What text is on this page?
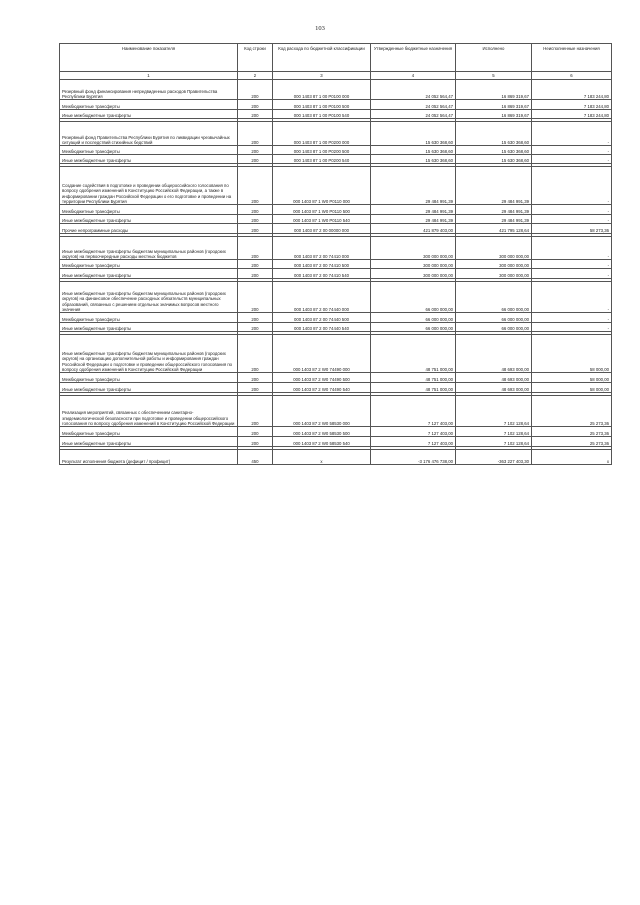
103
Наименование показателя	Код строки	Код расхода по бюджетной классификации	Утвержденные бюджетные назначения	Исполнено	Неисполненные назначения
1	2	3	4	5	6
Резервный фонд финансирования непредвиденных расходов Правительства Республики Бурятия	200	000 1403 87 1 00 Р0100 000	24 052 564,47	16 869 319,67	7 183 244,80
Межбюджетные трансферты	200	000 1403 87 1 00 Р0100 500	24 052 564,47	16 869 319,67	7 183 244,80
Иные межбюджетные трансферты	200	000 1403 87 1 00 Р0100 540	24 052 564,47	16 869 319,67	7 183 244,80

Резервный фонд Правительства Республики Бурятия по ликвидации чрезвычайных ситуаций и последствий стихийных бедствий	200	000 1403 87 1 00 Р0200 000	15 630 368,60	15 630 368,60	-
Межбюджетные трансферты	200	000 1403 87 1 00 Р0200 500	15 630 368,60	15 630 368,60	-
Иные межбюджетные трансферты	200	000 1403 87 1 00 Р0200 540	15 630 368,60	15 630 368,60	-

Создание содействия в подготовке и проведении общероссийского голосования по вопросу одобрения изменений в Конституцию Российской Федерации, а также в информировании граждан Российской Федерации о его подготовке и проведении на территории Республики Бурятия	200	000 1403 87 1 W0 Р0110 000	29 484 991,39	29 484 991,39	-
Межбюджетные трансферты	200	000 1403 87 1 W0 Р0110 500	29 484 991,39	29 484 991,39	-
Иные межбюджетные трансферты	200	000 1403 87 1 W0 Р0110 540	29 484 991,39	29 484 991,39	-
Прочие непрограммные расходы	200	000 1403 87 2 00 00000 000	421 879 403,00	421 795 128,64	58 273,36

Иные межбюджетные трансферты бюджетам муниципальных районов (городских округов) на первоочередные расходы местных бюджетов	200	000 1403 87 2 00 74410 000	300 000 000,00	300 000 000,00	-
Межбюджетные трансферты	200	000 1403 87 2 00 74410 500	300 000 000,00	300 000 000,00	-
Иные межбюджетные трансферты	200	000 1403 87 2 00 74410 540	300 000 000,00	300 000 000,00	-

Иные межбюджетные трансферты бюджетам муниципальных районов (городских округов) на финансовое обеспечение расходных обязательств муниципальных образований, связанных с решением отдельных значимых вопросов местного значения	200	000 1403 87 2 00 74440 000	66 000 000,00	66 000 000,00	-
Межбюджетные трансферты	200	000 1403 87 2 00 74440 500	66 000 000,00	66 000 000,00	-
Иные межбюджетные трансферты	200	000 1403 87 2 00 74440 540	66 000 000,00	66 000 000,00	-

Иные межбюджетные трансферты бюджетам муниципальных районов (городских округов) на организацию дополнительной работы и информирования граждан Российской Федерации о подготовке и проведении общероссийского голосования по вопросу одобрения изменений в Конституцию Российской Федерации	200	000 1403 87 2 W0 74490 000	48 751 000,00	48 693 000,00	58 000,00
Межбюджетные трансферты	200	000 1403 87 2 W0 74490 500	48 751 000,00	48 693 000,00	58 000,00
Иные межбюджетные трансферты	200	000 1403 87 2 W0 74490 540	48 751 000,00	48 693 000,00	58 000,00

Реализация мероприятий, связанных с обеспечением санитарно-эпидемиологической безопасности при подготовке и проведении общероссийского голосования по вопросу одобрения изменений в Конституцию Российской Федерации	200	000 1403 87 2 W0 58530 000	7 127 403,00	7 102 128,64	25 273,36
Межбюджетные трансферты	200	000 1403 87 2 W0 58530 500	7 127 403,00	7 102 128,64	25 273,36
Иные межбюджетные трансферты	200	000 1403 87 2 W0 58530 540	7 127 403,00	7 102 128,64	25 273,36

Результат исполнения бюджета (дефицит / профицит)	450	x	-3 176 476 738,00	-363 227 403,30	x
